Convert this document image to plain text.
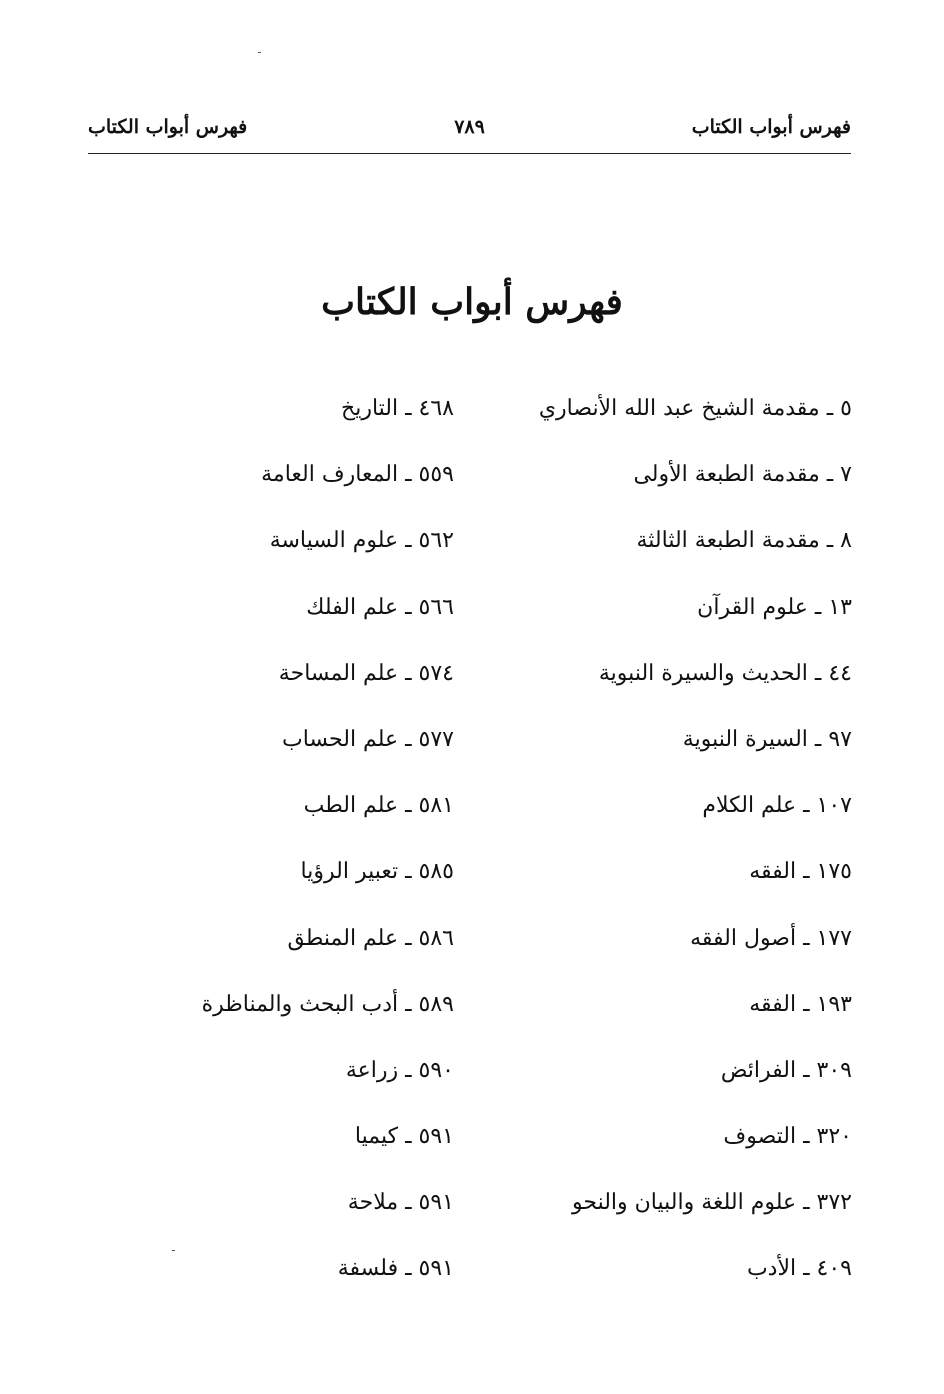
فهرس أبواب الكتاب
٧٨٩
فهرس أبواب الكتاب
فهرس أبواب الكتاب
٥ ـ مقدمة الشيخ عبد الله الأنصاري
٧ ـ مقدمة الطبعة الأولى
٨ ـ مقدمة الطبعة الثالثة
١٣ ـ علوم القرآن
٤٤ ـ الحديث والسيرة النبوية
٩٧ ـ السيرة النبوية
١٠٧ ـ علم الكلام
١٧٥ ـ الفقه
١٧٧ ـ أصول الفقه
١٩٣ ـ الفقه
٣٠٩ ـ الفرائض
٣٢٠ ـ التصوف
٣٧٢ ـ علوم اللغة والبيان والنحو
٤٠٩ ـ الأدب
٤٦٨ ـ التاريخ
٥٥٩ ـ المعارف العامة
٥٦٢ ـ علوم السياسة
٥٦٦ ـ علم الفلك
٥٧٤ ـ علم المساحة
٥٧٧ ـ علم الحساب
٥٨١ ـ علم الطب
٥٨٥ ـ تعبير الرؤيا
٥٨٦ ـ علم المنطق
٥٨٩ ـ أدب البحث والمناظرة
٥٩٠ ـ زراعة
٥٩١ ـ كيميا
٥٩١ ـ ملاحة
٥٩١ ـ فلسفة
